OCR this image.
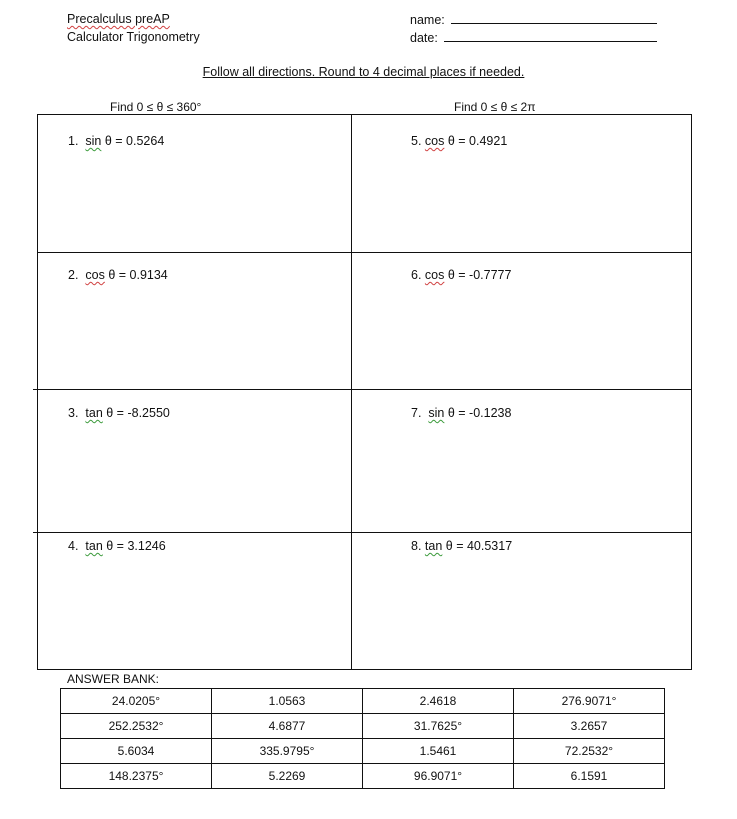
Precalculus preAP
Calculator Trigonometry
name:
date:
Follow all directions. Round to 4 decimal places if needed.
Find 0 ≤ θ ≤ 360°	Find 0 ≤ θ ≤ 2π
1. sin θ = 0.5264
2. cos θ = 0.9134
3. tan θ = -8.2550
4. tan θ = 3.1246
5. cos θ = 0.4921
6. cos θ = -0.7777
7. sin θ = -0.1238
8. tan θ = 40.5317
ANSWER BANK:
24.0205°	1.0563	2.4618	276.9071°
252.2532°	4.6877	31.7625°	3.2657
5.6034	335.9795°	1.5461	72.2532°
148.2375°	5.2269	96.9071°	6.1591
